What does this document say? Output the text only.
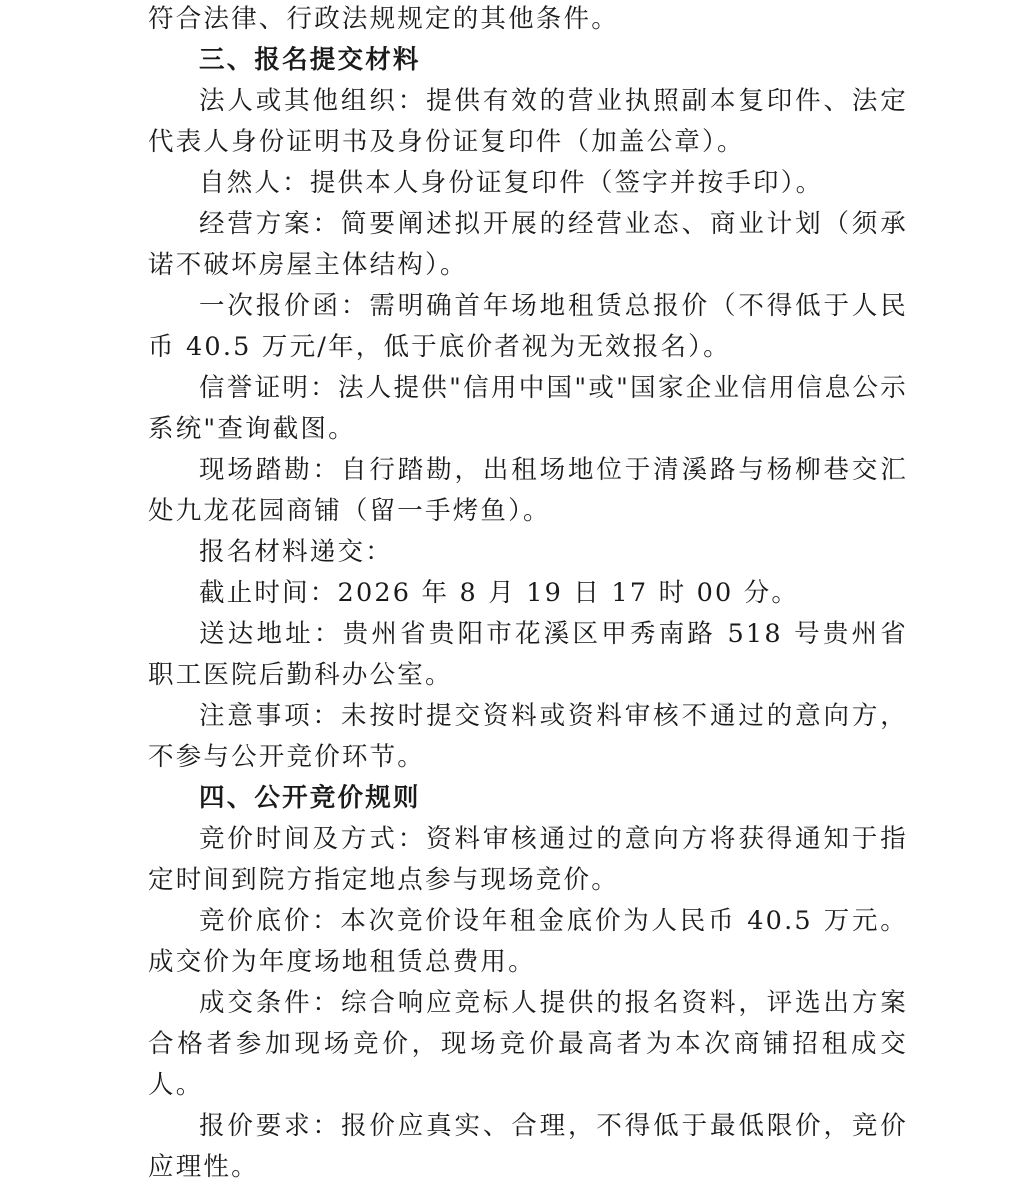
符合法律、行政法规规定的其他条件。

三、报名提交材料

法人或其他组织：提供有效的营业执照副本复印件、法定代表人身份证明书及身份证复印件（加盖公章）。

自然人：提供本人身份证复印件（签字并按手印）。

经营方案：简要阐述拟开展的经营业态、商业计划（须承诺不破坏房屋主体结构）。

一次报价函：需明确首年场地租赁总报价（不得低于人民币 40.5 万元/年，低于底价者视为无效报名）。

信誉证明：法人提供"信用中国"或"国家企业信用信息公示系统"查询截图。

现场踏勘：自行踏勘，出租场地位于清溪路与杨柳巷交汇处九龙花园商铺（留一手烤鱼）。

报名材料递交：

截止时间：2026 年 8 月 19 日 17 时 00 分。

送达地址：贵州省贵阳市花溪区甲秀南路 518 号贵州省职工医院后勤科办公室。

注意事项：未按时提交资料或资料审核不通过的意向方，不参与公开竞价环节。

四、公开竞价规则

竞价时间及方式：资料审核通过的意向方将获得通知于指定时间到院方指定地点参与现场竞价。

竞价底价：本次竞价设年租金底价为人民币 40.5 万元。成交价为年度场地租赁总费用。

成交条件：综合响应竞标人提供的报名资料，评选出方案合格者参加现场竞价，现场竞价最高者为本次商铺招租成交人。

报价要求：报价应真实、合理，不得低于最低限价，竞价应理性。
